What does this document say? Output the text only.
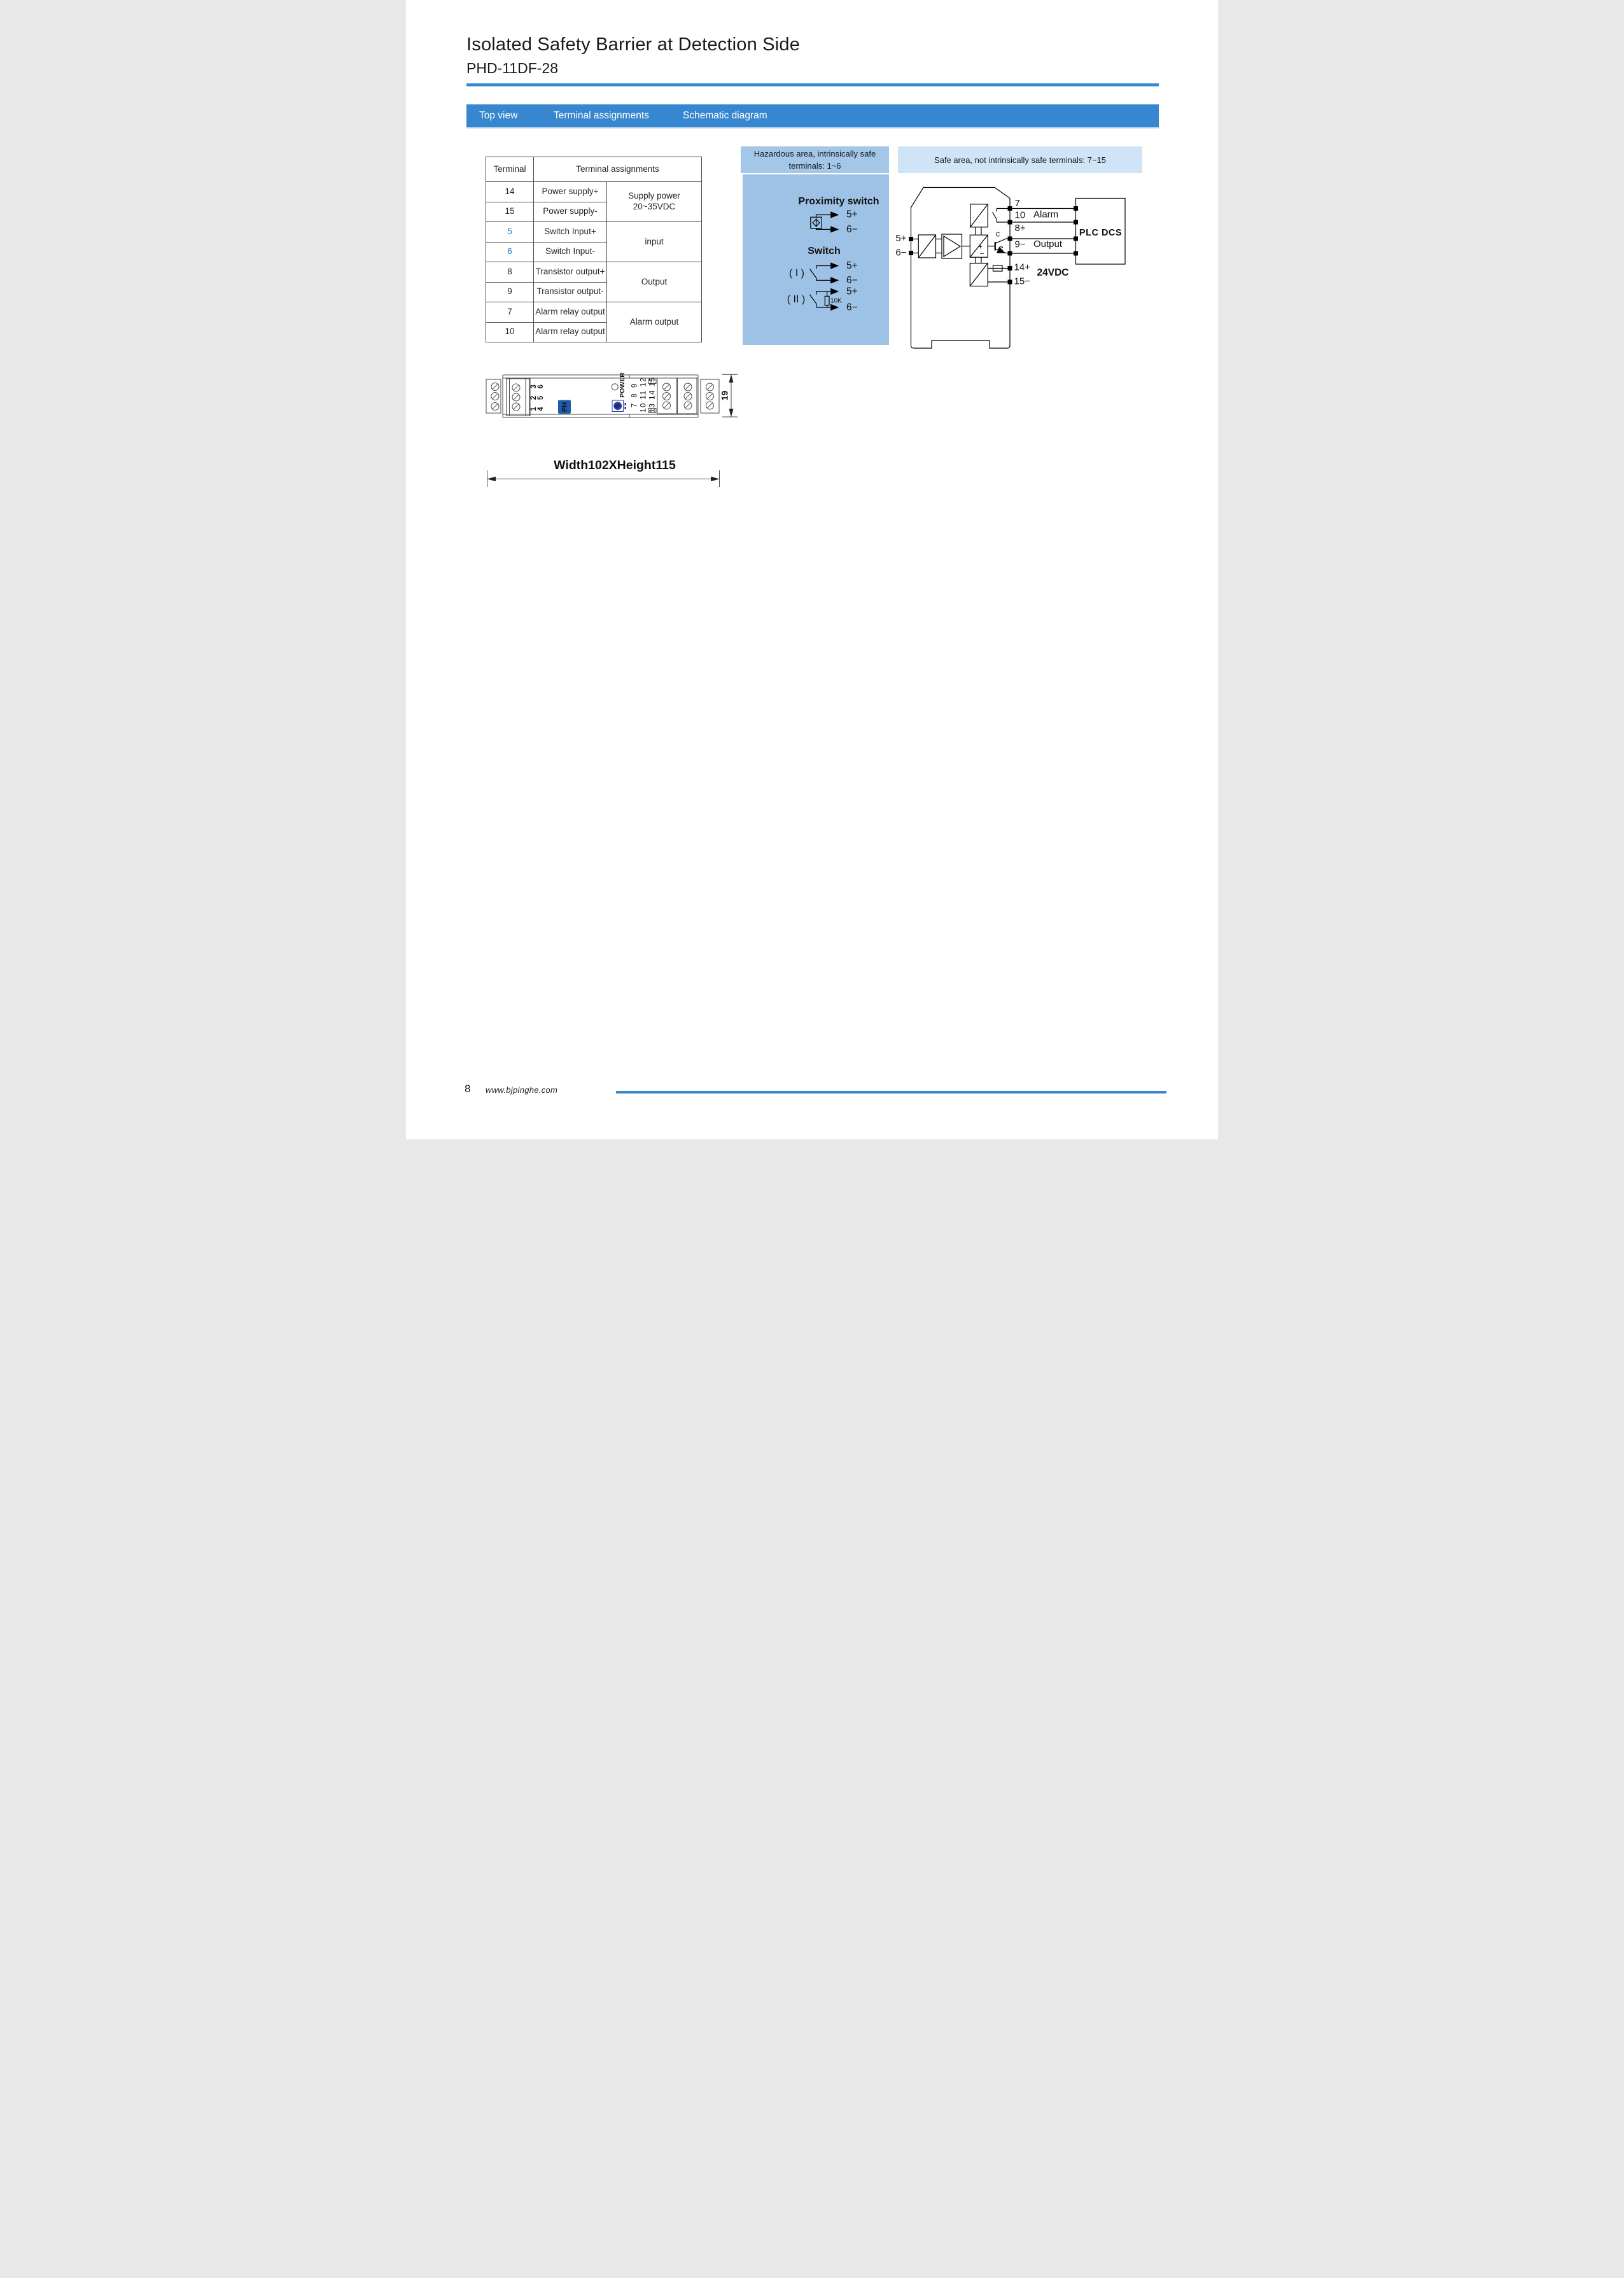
Isolated Safety Barrier at Detection Side
PHD-11DF-28
Top view	Terminal assignments	Schematic diagram
Terminal	Terminal assignments	
14	Power supply+	Supply power
20~35VDC

15	Power supply-	
5	Switch Input+	input

6	Switch Input-	
8	Transistor output+	Output

9	Transistor output-	
7	Alarm relay output	Alarm output

10	Alarm relay output	
Hazardous area, intrinsically safe
terminals: 1~6
Safe area, not intrinsically safe terminals: 7~15
Proximity switch
5+
6−
Switch
( I )
5+
6−
( II )	10K
5+
6−
+
−
c
e
PLC DCS
5+
6−
7
10 Alarm
8+
9− Output
14+
15−
24VDC
1 2 3 4 5 6 PH
POWER
S 7 8 9 10 11 12 13 14 15	19
Width102XHeight115
8 www.bjpinghe.com
